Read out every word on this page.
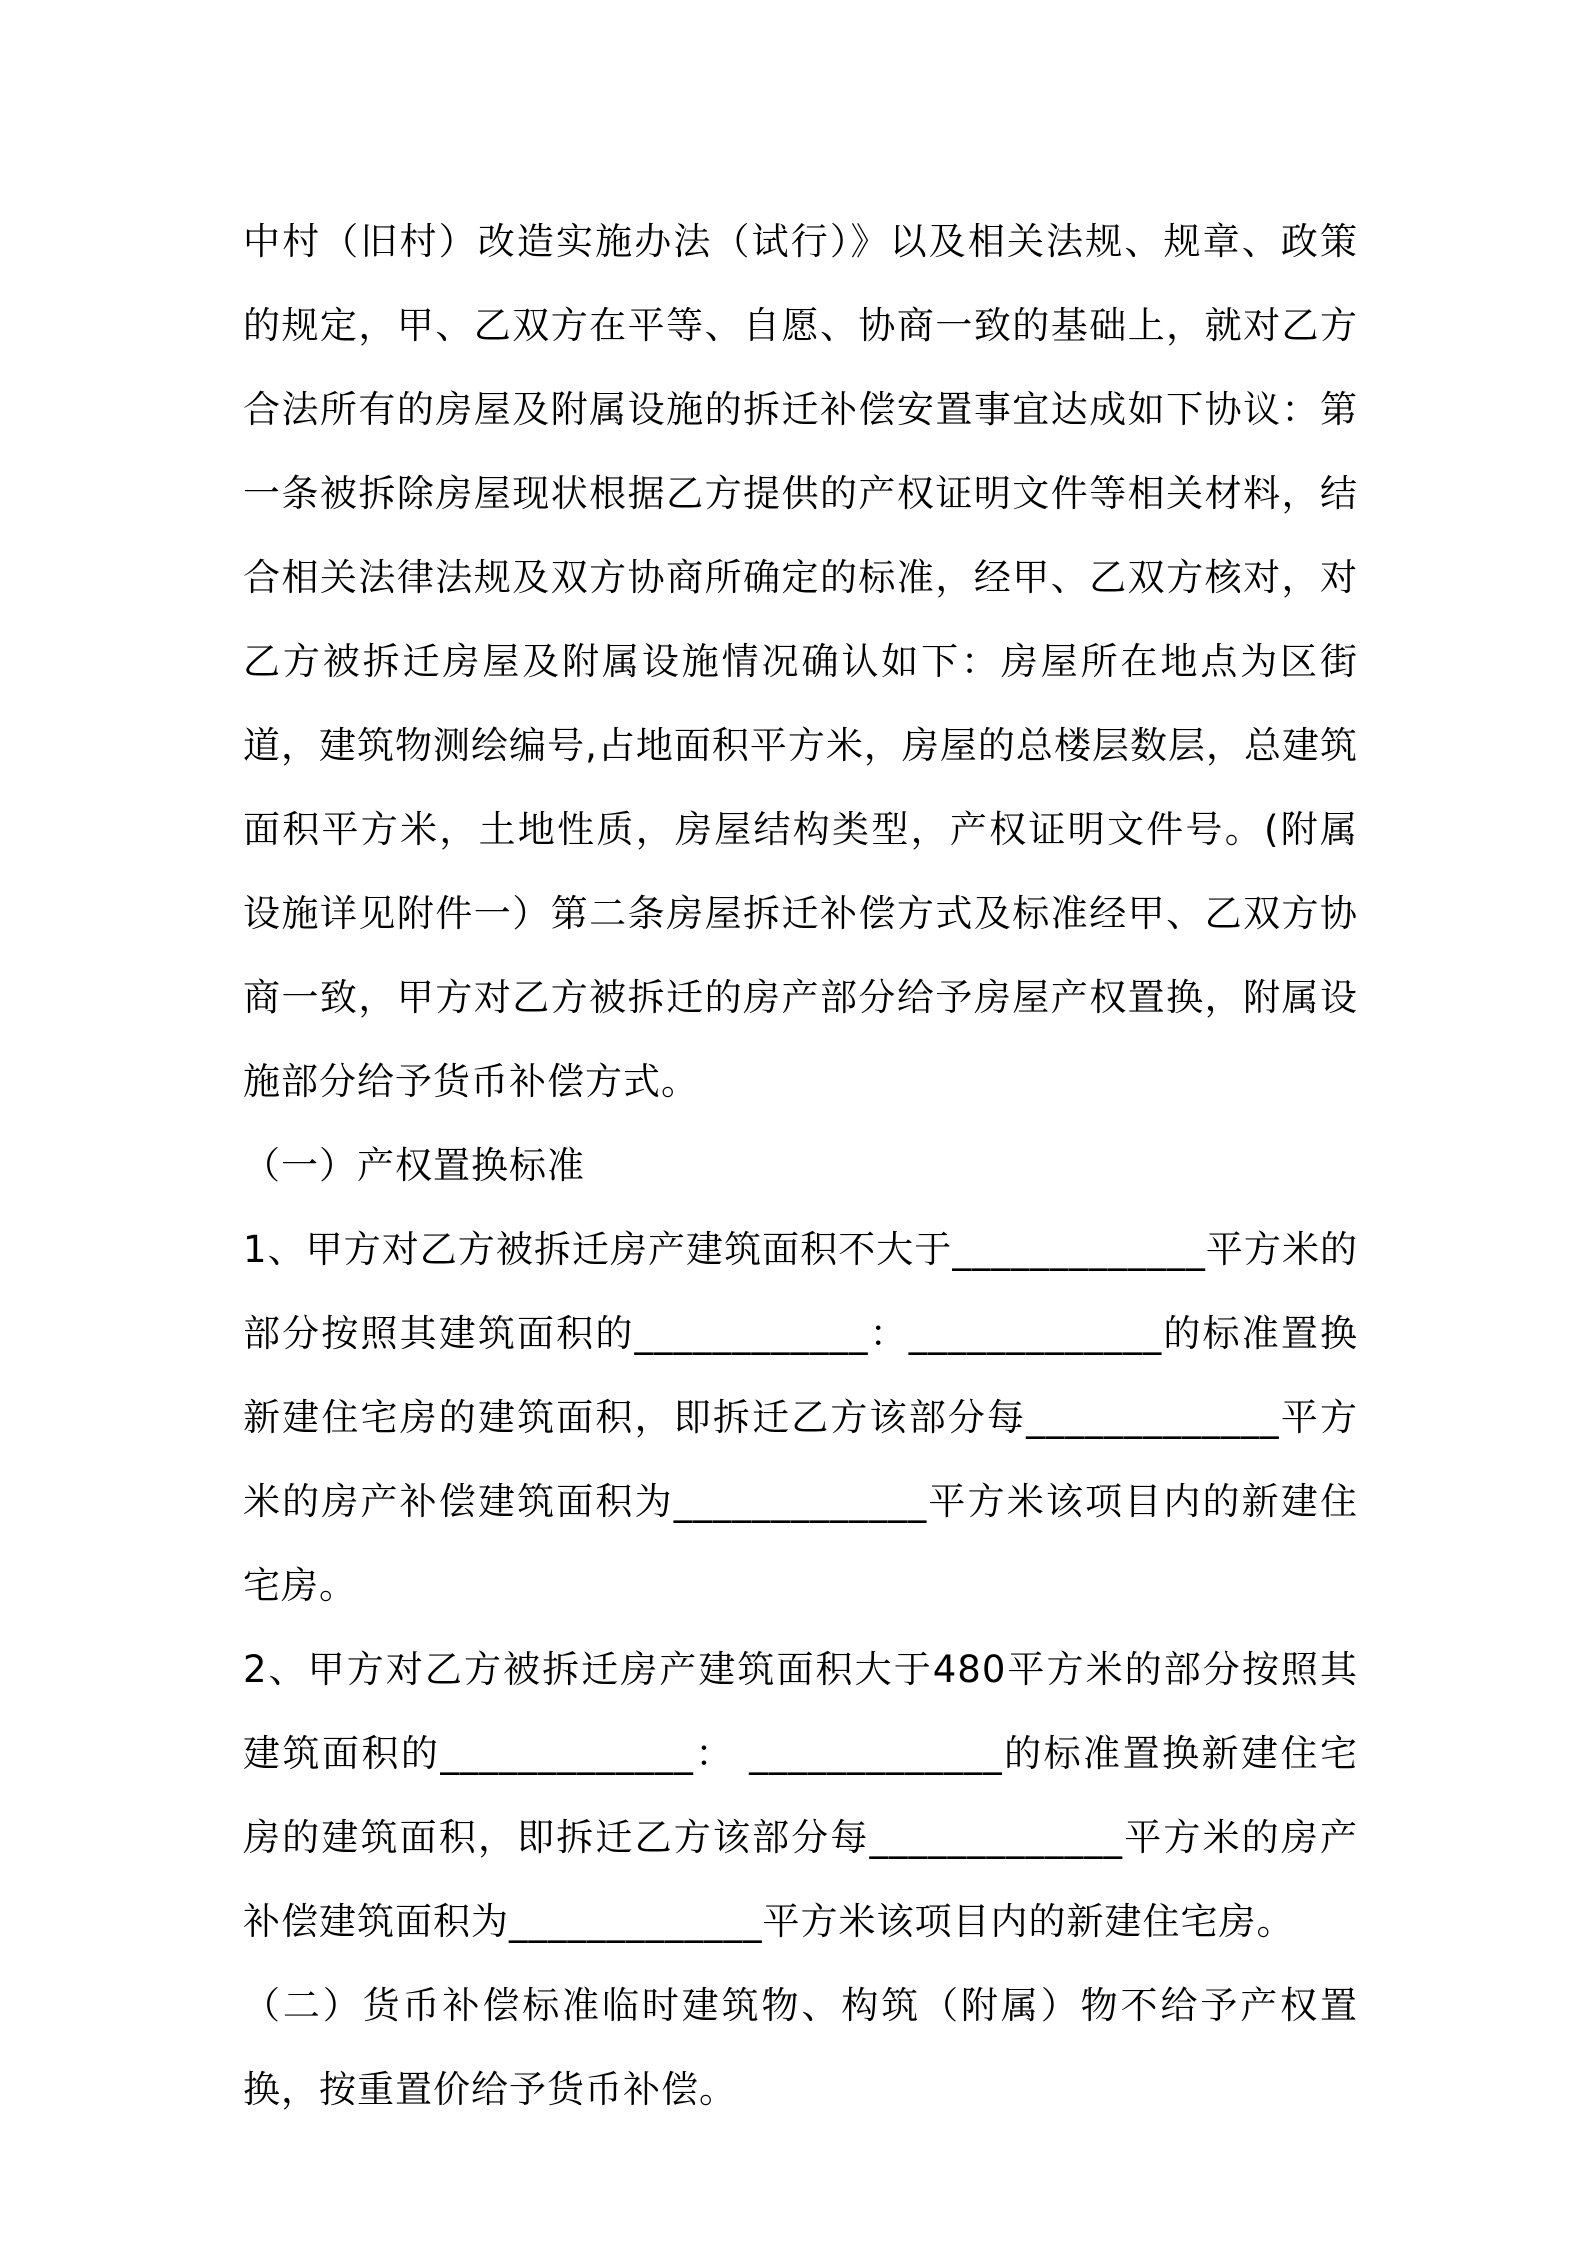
中村（旧村）改造实施办法（试行）》以及相关法规、规章、政策的规定，甲、乙双方在平等、自愿、协商一致的基础上，就对乙方合法所有的房屋及附属设施的拆迁补偿安置事宜达成如下协议：第一条被拆除房屋现状根据乙方提供的产权证明文件等相关材料，结合相关法律法规及双方协商所确定的标准，经甲、乙双方核对，对乙方被拆迁房屋及附属设施情况确认如下：房屋所在地点为区街道，建筑物测绘编号,占地面积平方米，房屋的总楼层数层，总建筑面积平方米，土地性质，房屋结构类型，产权证明文件号。(附属设施详见附件一）第二条房屋拆迁补偿方式及标准经甲、乙双方协商一致，甲方对乙方被拆迁的房产部分给予房屋产权置换，附属设施部分给予货币补偿方式。

（一）产权置换标准

1、甲方对乙方被拆迁房产建筑面积不大于_____________平方米的部分按照其建筑面积的____________：_____________的标准置换新建住宅房的建筑面积，即拆迁乙方该部分每_____________平方米的房产补偿建筑面积为_____________平方米该项目内的新建住宅房。

2、甲方对乙方被拆迁房产建筑面积大于480平方米的部分按照其建筑面积的_____________： _____________的标准置换新建住宅房的建筑面积，即拆迁乙方该部分每_____________平方米的房产补偿建筑面积为_____________平方米该项目内的新建住宅房。

（二）货币补偿标准临时建筑物、构筑（附属）物不给予产权置换，按重置价给予货币补偿。
